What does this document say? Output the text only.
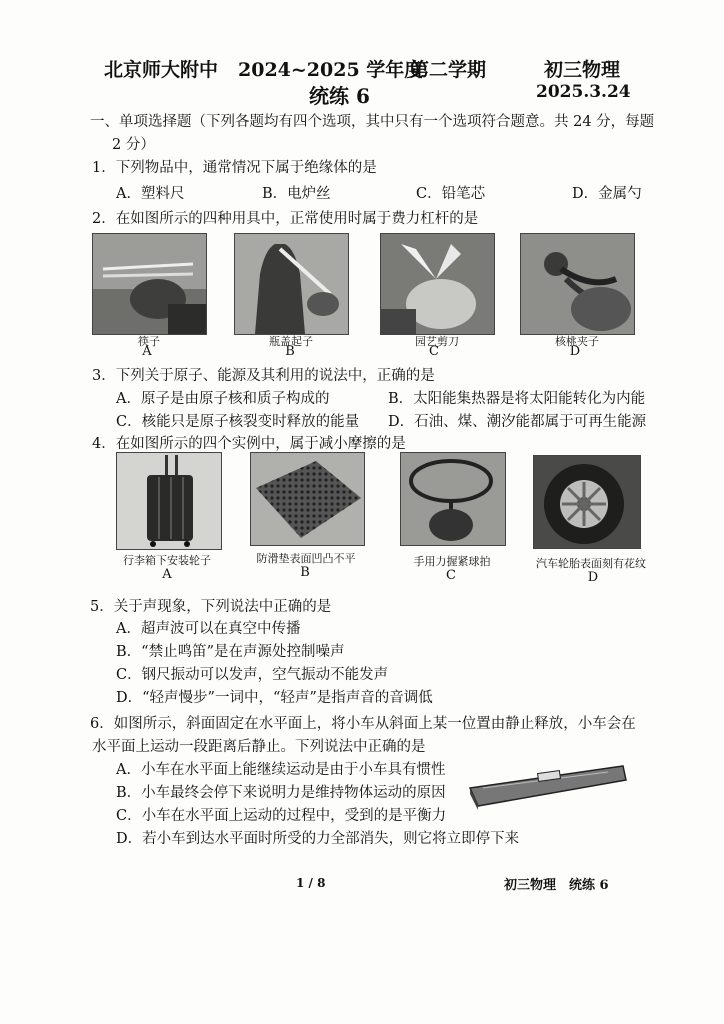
北京师大附中 2024~2025 学年度
第二学期	初三物理
统练 6	2025.3.24
一、单项选择题（下列各题均有四个选项，其中只有一个选项符合题意。共 24 分，每题
2 分）
1．下列物品中，通常情况下属于绝缘体的是
A．塑料尺	B．电炉丝	C．铅笔芯	D．金属勺
2．在如图所示的四种用具中，正常使用时属于费力杠杆的是
筷子	瓶盖起子	园艺剪刀	核桃夹子
A	B	C	D
3．下列关于原子、能源及其利用的说法中，正确的是
A．原子是由原子核和质子构成的	B．太阳能集热器是将太阳能转化为内能
C．核能只是原子核裂变时释放的能量 D．石油、煤、潮汐能都属于可再生能源
4．在如图所示的四个实例中，属于减小摩擦的是
行李箱下安装轮子	防滑垫表面凹凸不平	手用力握紧球拍	汽车轮胎表面刻有花纹
A	B	C	D
5．关于声现象，下列说法中正确的是
A．超声波可以在真空中传播
B．“禁止鸣笛”是在声源处控制噪声
C．钢尺振动可以发声，空气振动不能发声
D．“轻声慢步”一词中，“轻声”是指声音的音调低
6．如图所示，斜面固定在水平面上，将小车从斜面上某一位置由静止释放，小车会在
水平面上运动一段距离后静止。下列说法中正确的是
A．小车在水平面上能继续运动是由于小车具有惯性
B．小车最终会停下来说明力是维持物体运动的原因
C．小车在水平面上运动的过程中，受到的是平衡力
D．若小车到达水平面时所受的力全部消失，则它将立即停下来
1 / 8	初三物理　统练 6
